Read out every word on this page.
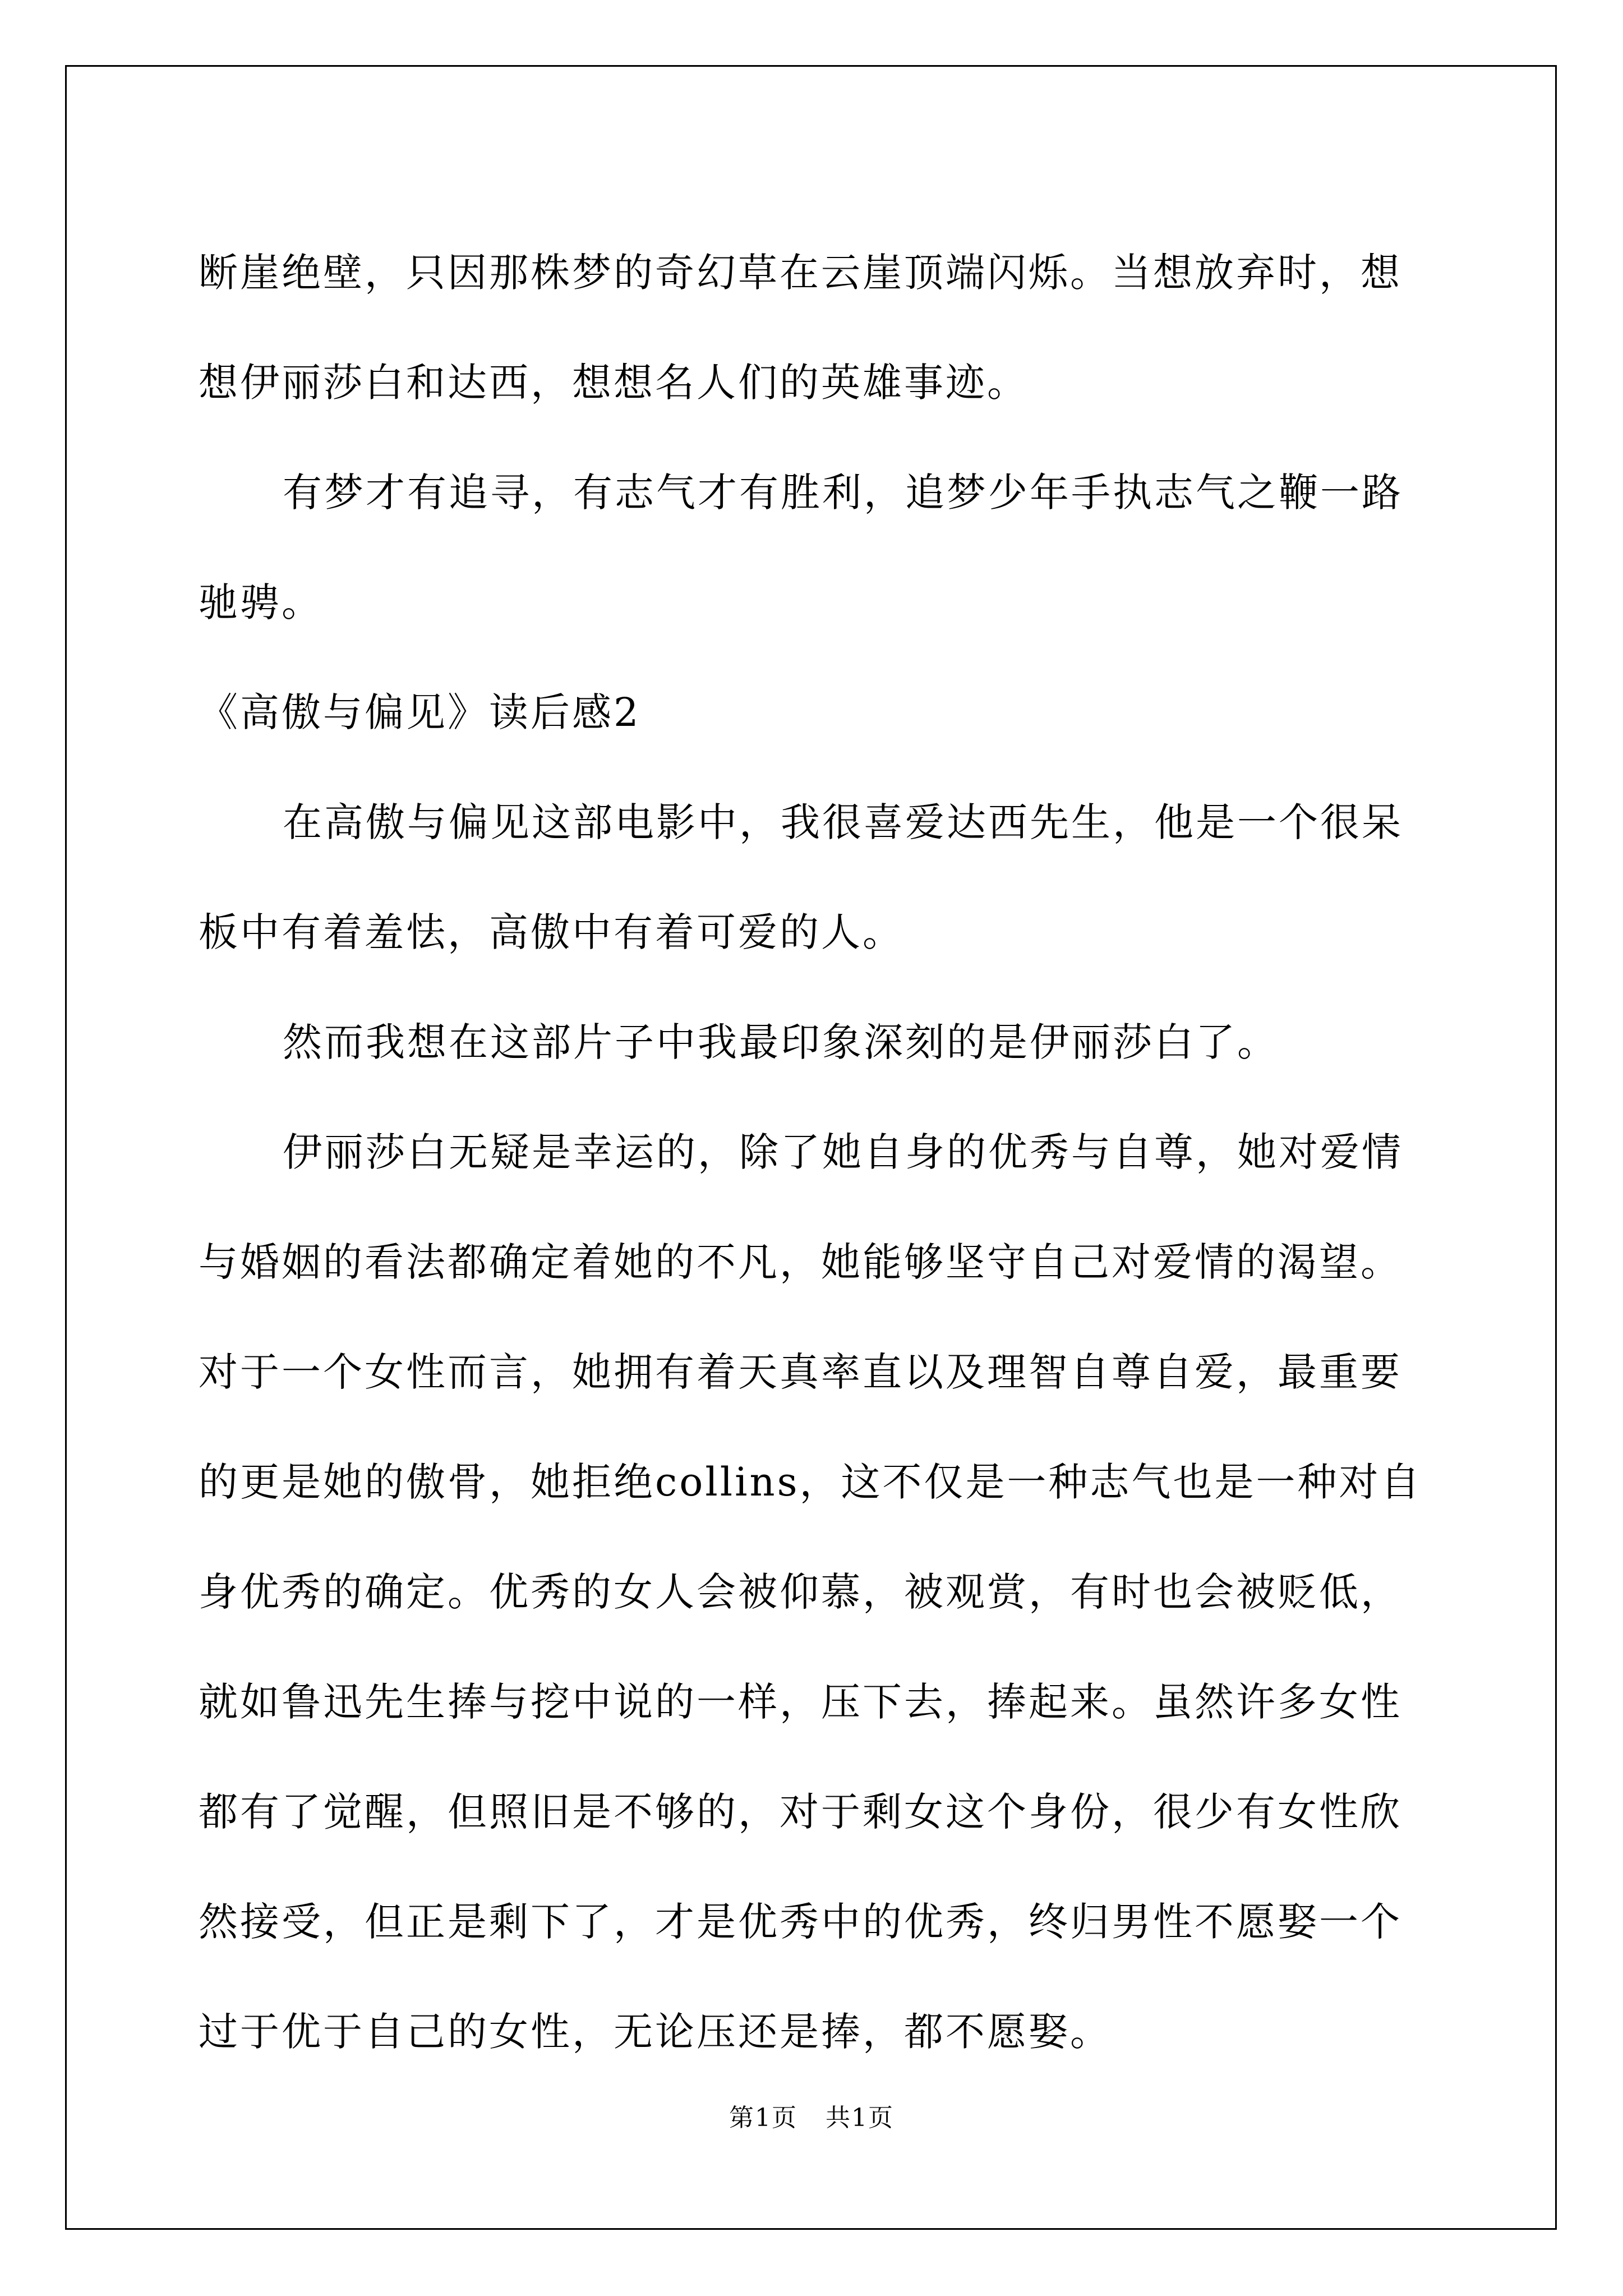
断崖绝壁，只因那株梦的奇幻草在云崖顶端闪烁。当想放弃时，想想伊丽莎白和达西，想想名人们的英雄事迹。

有梦才有追寻，有志气才有胜利，追梦少年手执志气之鞭一路驰骋。

《高傲与偏见》读后感2

在高傲与偏见这部电影中，我很喜爱达西先生，他是一个很呆板中有着羞怯，高傲中有着可爱的人。

然而我想在这部片子中我最印象深刻的是伊丽莎白了。

伊丽莎白无疑是幸运的，除了她自身的优秀与自尊，她对爱情与婚姻的看法都确定着她的不凡，她能够坚守自己对爱情的渴望。对于一个女性而言，她拥有着天真率直以及理智自尊自爱，最重要的更是她的傲骨，她拒绝collins，这不仅是一种志气也是一种对自身优秀的确定。优秀的女人会被仰慕，被观赏，有时也会被贬低，就如鲁迅先生捧与挖中说的一样，压下去，捧起来。虽然许多女性都有了觉醒，但照旧是不够的，对于剩女这个身份，很少有女性欣然接受，但正是剩下了，才是优秀中的优秀，终归男性不愿娶一个过于优于自己的女性，无论压还是捧，都不愿娶。

第1页 共1页
